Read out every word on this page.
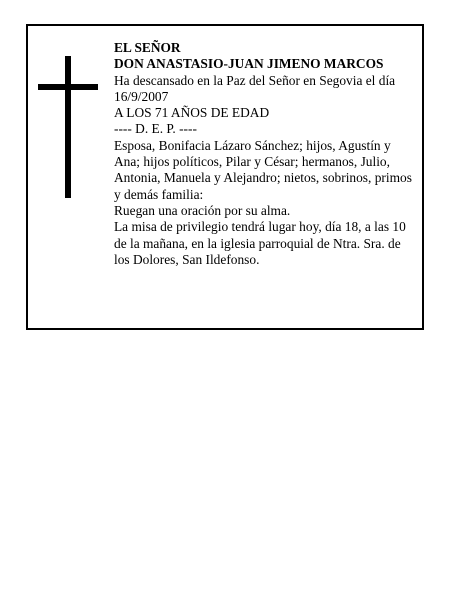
EL SEÑOR

DON ANASTASIO-JUAN JIMENO MARCOS

Ha descansado en la Paz del Señor en Segovia el día 16/9/2007

A LOS 71 AÑOS DE EDAD

---- D. E. P. ----

Esposa, Bonifacia Lázaro Sánchez; hijos, Agustín y Ana; hijos políticos, Pilar y César; hermanos, Julio, Antonia, Manuela y Alejandro; nietos, sobrinos, primos y demás familia:

Ruegan una oración por su alma.

La misa de privilegio tendrá lugar hoy, día 18, a las 10 de la mañana, en la iglesia parroquial de Ntra. Sra. de los Dolores, San Ildefonso.
